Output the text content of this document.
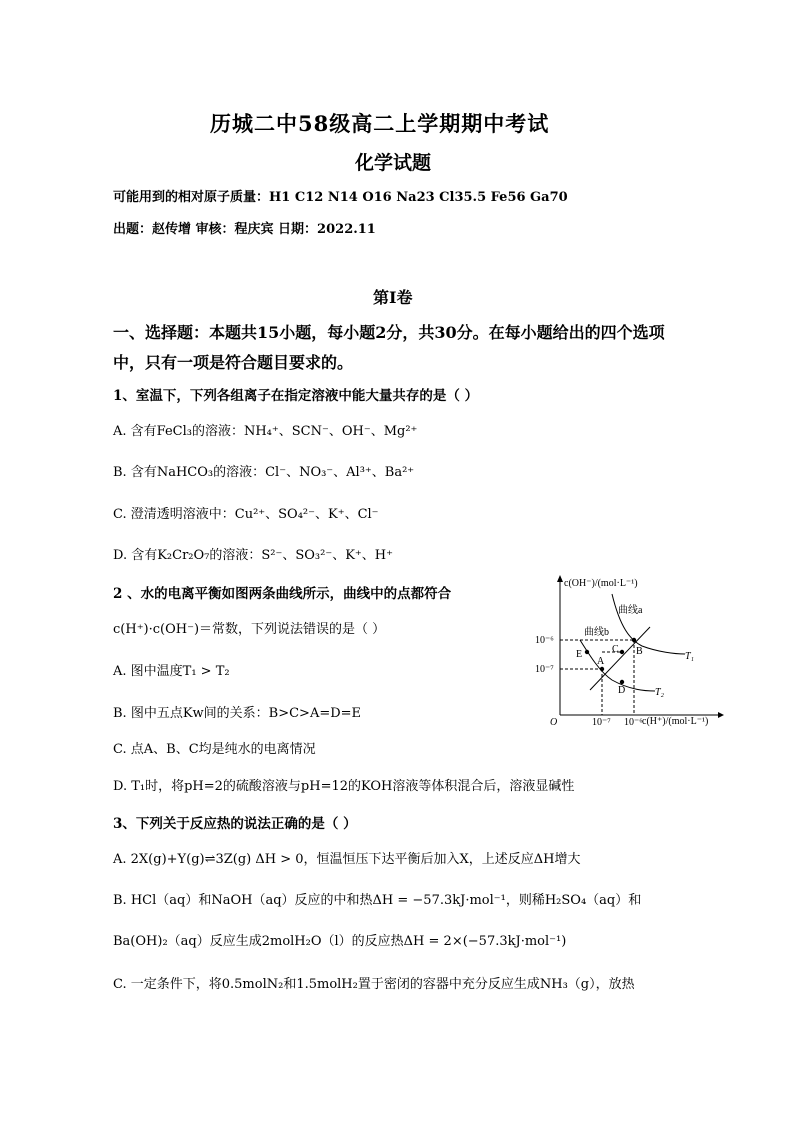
历城二中58级高二上学期期中考试
化学试题
可能用到的相对原子质量：H1 C12 N14 O16 Na23 Cl35.5 Fe56 Ga70
出题：赵传增 审核：程庆宾 日期：2022.11
第Ⅰ卷
一、选择题：本题共15小题，每小题2分，共30分。在每小题给出的四个选项
中，只有一项是符合题目要求的。
1、室温下，下列各组离子在指定溶液中能大量共存的是（ ）
A. 含有FeCl₃的溶液：NH₄⁺、SCN⁻、OH⁻、Mg²⁺
B. 含有NaHCO₃的溶液：Cl⁻、NO₃⁻、Al³⁺、Ba²⁺
C. 澄清透明溶液中：Cu²⁺、SO₄²⁻、K⁺、Cl⁻
D. 含有K₂Cr₂O₇的溶液：S²⁻、SO₃²⁻、K⁺、H⁺
2 、水的电离平衡如图两条曲线所示，曲线中的点都符合
c(H⁺)·c(OH⁻)＝常数，下列说法错误的是（ ）
A. 图中温度T₁ > T₂
B. 图中五点Kw间的关系：B>C>A=D=E
C. 点A、B、C均是纯水的电离情况
D. T₁时，将pH=2的硫酸溶液与pH=12的KOH溶液等体积混合后，溶液显碱性
c(OH⁻)/(mol·L⁻¹)
c(H⁺)/(mol·L⁻¹)
O
10⁻⁶
10⁻⁷
10⁻⁷ 10⁻⁶
曲线a
曲线b
T₁
T₂
E
A
C B
D
3、下列关于反应热的说法正确的是（ ）
A. 2X(g)+Y(g)⇌3Z(g) ΔH > 0，恒温恒压下达平衡后加入X，上述反应ΔH增大
B. HCl（aq）和NaOH（aq）反应的中和热ΔH = −57.3kJ·mol⁻¹，则稀H₂SO₄（aq）和
Ba(OH)₂（aq）反应生成2molH₂O（l）的反应热ΔH = 2×(−57.3kJ·mol⁻¹)
C. 一定条件下，将0.5molN₂和1.5molH₂置于密闭的容器中充分反应生成NH₃（g），放热
